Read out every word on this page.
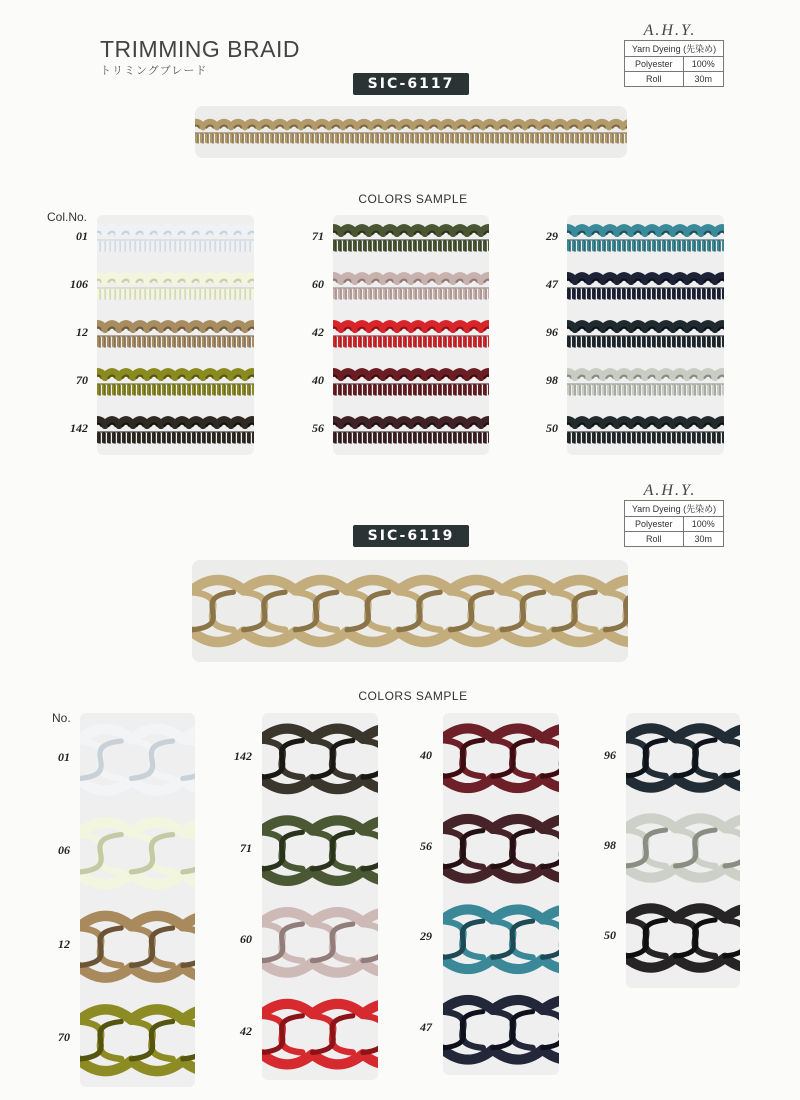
TRIMMING BRAID
トリミングブレード
A.H.Y.
Yarn Dyeing (先染め)	
Polyester	100%
Roll	30m
SIC-6117
COLORS SAMPLE
Col.No.
01
106
12
70
142
71
60
42
40
56
29
47
96
98
50
A.H.Y.
Yarn Dyeing (先染め)	
Polyester	100%
Roll	30m
SIC-6119
COLORS SAMPLE
No.
01
06
12
70
142
71
60
42
40
56
29
47
96
98
50
